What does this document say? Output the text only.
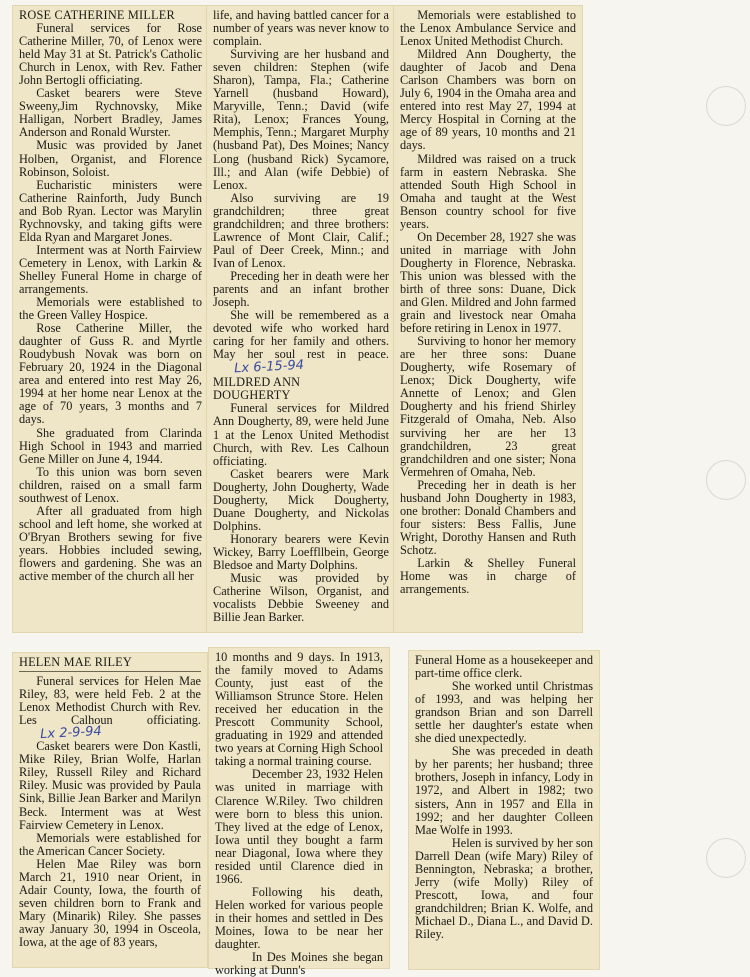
ROSE CATHERINE MILLER

Funeral services for Rose Catherine Miller, 70, of Lenox were held May 31 at St. Patrick's Catholic Church in Lenox, with Rev. Father John Bertogli officiating.

Casket bearers were Steve Sweeny,Jim Rychnovsky, Mike Halligan, Norbert Bradley, James Anderson and Ronald Wurster.

Music was provided by Janet Holben, Organist, and Florence Robinson, Soloist.

Eucharistic ministers were Catherine Rainforth, Judy Bunch and Bob Ryan. Lector was Marylin Rychnovsky, and taking gifts were Elda Ryan and Margaret Jones.

Interment was at North Fairview Cemetery in Lenox, with Larkin & Shelley Funeral Home in charge of arrangements.

Memorials were established to the Green Valley Hospice.

Rose Catherine Miller, the daughter of Guss R. and Myrtle Roudybush Novak was born on February 20, 1924 in the Diagonal area and entered into rest May 26, 1994 at her home near Lenox at the age of 70 years, 3 months and 7 days.

She graduated from Clarinda High School in 1943 and married Gene Miller on June 4, 1944.

To this union was born seven children, raised on a small farm southwest of Lenox.

After all graduated from high school and left home, she worked at O'Bryan Brothers sewing for five years. Hobbies included sewing, flowers and gardening. She was an active member of the church all her

life, and having battled cancer for a number of years was never know to complain.

Surviving are her husband and seven children: Stephen (wife Sharon), Tampa, Fla.; Catherine Yarnell (husband Howard), Maryville, Tenn.; David (wife Rita), Lenox; Frances Young, Memphis, Tenn.; Margaret Murphy (husband Pat), Des Moines; Nancy Long (husband Rick) Sycamore, Ill.; and Alan (wife Debbie) of Lenox.

Also surviving are 19 grandchildren; three great grandchildren; and three brothers: Lawrence of Mont Clair, Calif.; Paul of Deer Creek, Minn.; and Ivan of Lenox.

Preceding her in death were her parents and an infant brother Joseph.

She will be remembered as a devoted wife who worked hard caring for her family and others. May her soul rest in peace.Lx 6-15-94

MILDRED ANN

DOUGHERTY

Funeral services for Mildred Ann Dougherty, 89, were held June 1 at the Lenox United Methodist Church, with Rev. Les Calhoun officiating.

Casket bearers were Mark Dougherty, John Dougherty, Wade Dougherty, Mick Dougherty, Duane Dougherty, and Nickolas Dolphins.

Honorary bearers were Kevin Wickey, Barry Loeffllbein, George Bledsoe and Marty Dolphins.

Music was provided by Catherine Wilson, Organist, and vocalists Debbie Sweeney and Billie Jean Barker.

Memorials were established to the Lenox Ambulance Service and Lenox United Methodist Church.

Mildred Ann Dougherty, the daughter of Jacob and Dena Carlson Chambers was born on July 6, 1904 in the Omaha area and entered into rest May 27, 1994 at Mercy Hospital in Corning at the age of 89 years, 10 months and 21 days.

Mildred was raised on a truck farm in eastern Nebraska. She attended South High School in Omaha and taught at the West Benson country school for five years.

On December 28, 1927 she was united in marriage with John Dougherty in Florence, Nebraska. This union was blessed with the birth of three sons: Duane, Dick and Glen. Mildred and John farmed grain and livestock near Omaha before retiring in Lenox in 1977.

Surviving to honor her memory are her three sons: Duane Dougherty, wife Rosemary of Lenox; Dick Dougherty, wife Annette of Lenox; and Glen Dougherty and his friend Shirley Fitzgerald of Omaha, Neb. Also surviving her are her 13 grandchildren, 23 great grandchildren and one sister; Nona Vermehren of Omaha, Neb.

Preceding her in death is her husband John Dougherty in 1983, one brother: Donald Chambers and four sisters: Bess Fallis, June Wright, Dorothy Hansen and Ruth Schotz.

Larkin & Shelley Funeral Home was in charge of arrangements.

HELEN MAE RILEY

Funeral services for Helen Mae Riley, 83, were held Feb. 2 at the Lenox Methodist Church with Rev. Les Calhoun officiating.Lx 2-9-94

Casket bearers were Don Kastli, Mike Riley, Brian Wolfe, Harlan Riley, Russell Riley and Richard Riley. Music was provided by Paula Sink, Billie Jean Barker and Marilyn Beck. Interment was at West Fairview Cemetery in Lenox.

Memorials were established for the American Cancer Society.

Helen Mae Riley was born March 21, 1910 near Orient, in Adair County, Iowa, the fourth of seven children born to Frank and Mary (Minarik) Riley. She passes away January 30, 1994 in Osceola, Iowa, at the age of 83 years,

10 months and 9 days. In 1913, the family moved to Adams County, just east of the Williamson Strunce Store. Helen received her education in the Prescott Community School, graduating in 1929 and attended two years at Corning High School taking a normal training course.

December 23, 1932 Helen was united in marriage with Clarence W.Riley. Two children were born to bless this union. They lived at the edge of Lenox, Iowa until they bought a farm near Diagonal, Iowa where they resided until Clarence died in 1966.

Following his death, Helen worked for various people in their homes and settled in Des Moines, Iowa to be near her daughter.

In Des Moines she began working at Dunn's

Funeral Home as a housekeeper and part-time office clerk.

She worked until Christmas of 1993, and was helping her grandson Brian and son Darrell settle her daughter's estate when she died unexpectedly.

She was preceded in death by her parents; her husband; three brothers, Joseph in infancy, Lody in 1972, and Albert in 1982; two sisters, Ann in 1957 and Ella in 1992; and her daughter Colleen Mae Wolfe in 1993.

Helen is survived by her son Darrell Dean (wife Mary) Riley of Bennington, Nebraska; a brother, Jerry (wife Molly) Riley of Prescott, Iowa, and four grandchildren; Brian K. Wolfe, and Michael D., Diana L., and David D. Riley.
